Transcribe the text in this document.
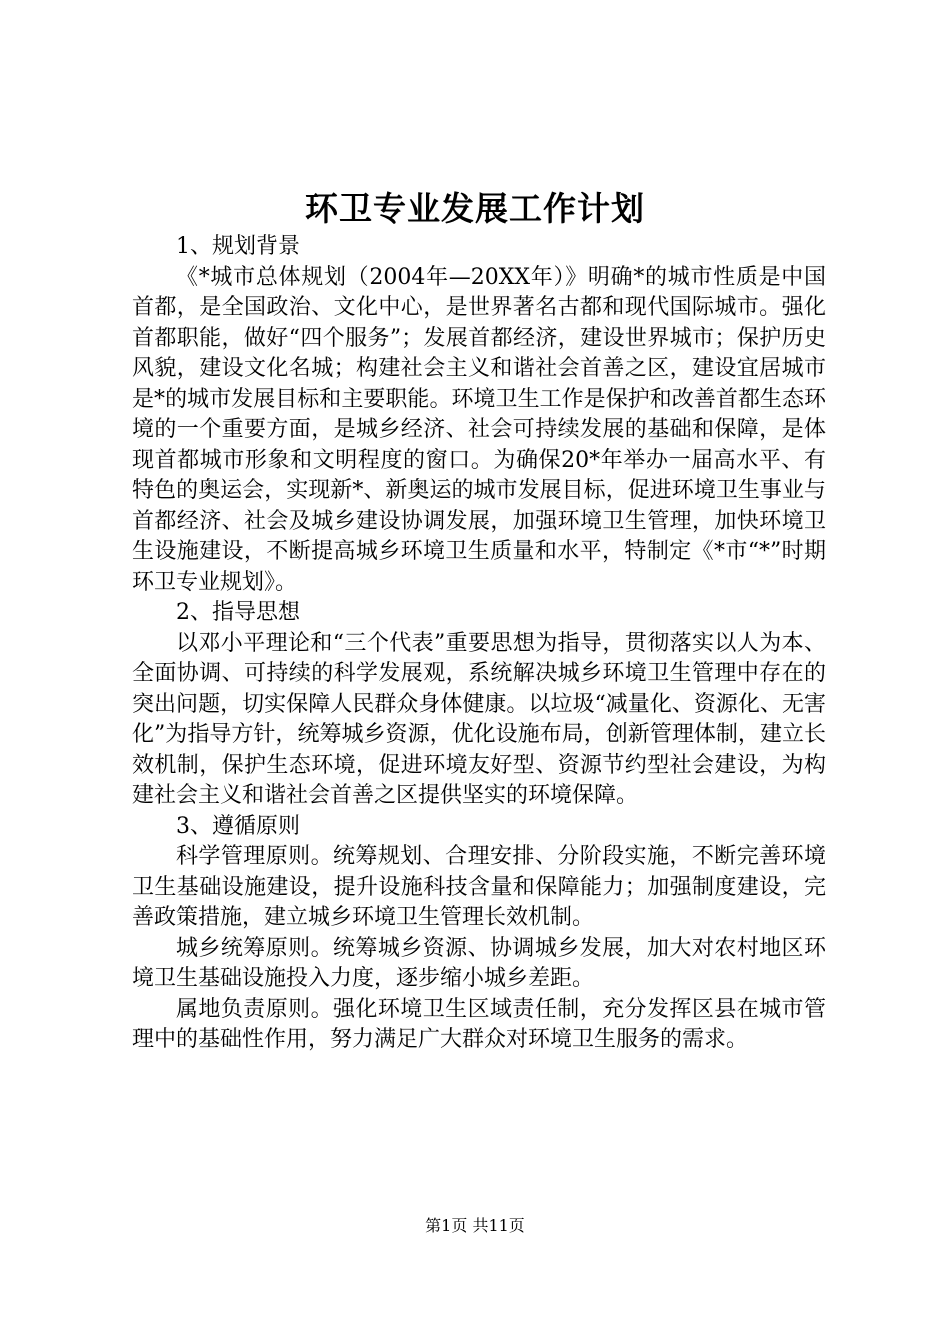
环卫专业发展工作计划

1、规划背景

《*城市总体规划（2004年—20XX年）》明确*的城市性质是中国首都，是全国政治、文化中心，是世界著名古都和现代国际城市。强化首都职能，做好“四个服务”；发展首都经济，建设世界城市；保护历史风貌，建设文化名城；构建社会主义和谐社会首善之区，建设宜居城市是*的城市发展目标和主要职能。环境卫生工作是保护和改善首都生态环境的一个重要方面，是城乡经济、社会可持续发展的基础和保障，是体现首都城市形象和文明程度的窗口。为确保20*年举办一届高水平、有特色的奥运会，实现新*、新奥运的城市发展目标，促进环境卫生事业与首都经济、社会及城乡建设协调发展，加强环境卫生管理，加快环境卫生设施建设，不断提高城乡环境卫生质量和水平，特制定《*市“*”时期环卫专业规划》。

2、指导思想

以邓小平理论和“三个代表”重要思想为指导，贯彻落实以人为本、全面协调、可持续的科学发展观，系统解决城乡环境卫生管理中存在的突出问题，切实保障人民群众身体健康。以垃圾“减量化、资源化、无害化”为指导方针，统筹城乡资源，优化设施布局，创新管理体制，建立长效机制，保护生态环境，促进环境友好型、资源节约型社会建设，为构建社会主义和谐社会首善之区提供坚实的环境保障。

3、遵循原则

科学管理原则。统筹规划、合理安排、分阶段实施，不断完善环境卫生基础设施建设，提升设施科技含量和保障能力；加强制度建设，完善政策措施，建立城乡环境卫生管理长效机制。

城乡统筹原则。统筹城乡资源、协调城乡发展，加大对农村地区环境卫生基础设施投入力度，逐步缩小城乡差距。

属地负责原则。强化环境卫生区域责任制，充分发挥区县在城市管理中的基础性作用，努力满足广大群众对环境卫生服务的需求。

第1页 共11页
